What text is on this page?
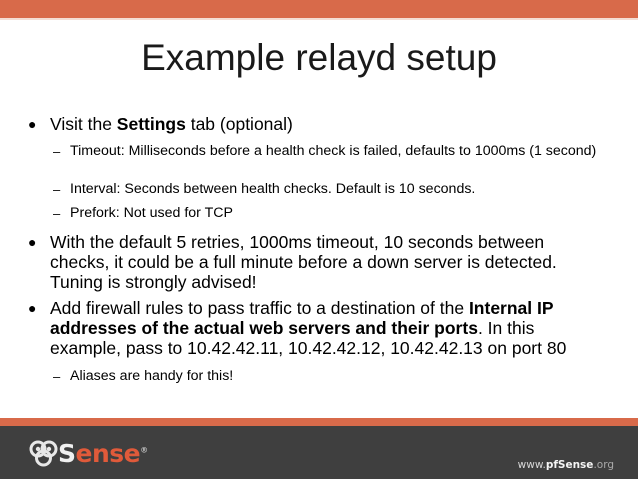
Example relayd setup

● Visit the Settings tab (optional)

– Timeout: Milliseconds before a health check is failed, defaults to 1000ms (1 second)

– Interval: Seconds between health checks. Default is 10 seconds.

– Prefork: Not used for TCP

● With the default 5 retries, 1000ms timeout, 10 seconds between checks, it could be a full minute before a down server is detected. Tuning is strongly advised!

● Add firewall rules to pass traffic to a destination of the Internal IP addresses of the actual web servers and their ports. In this example, pass to 10.42.42.11, 10.42.42.12, 10.42.42.13 on port 80

– Aliases are handy for this!

Sense®
www.pfSense.org
